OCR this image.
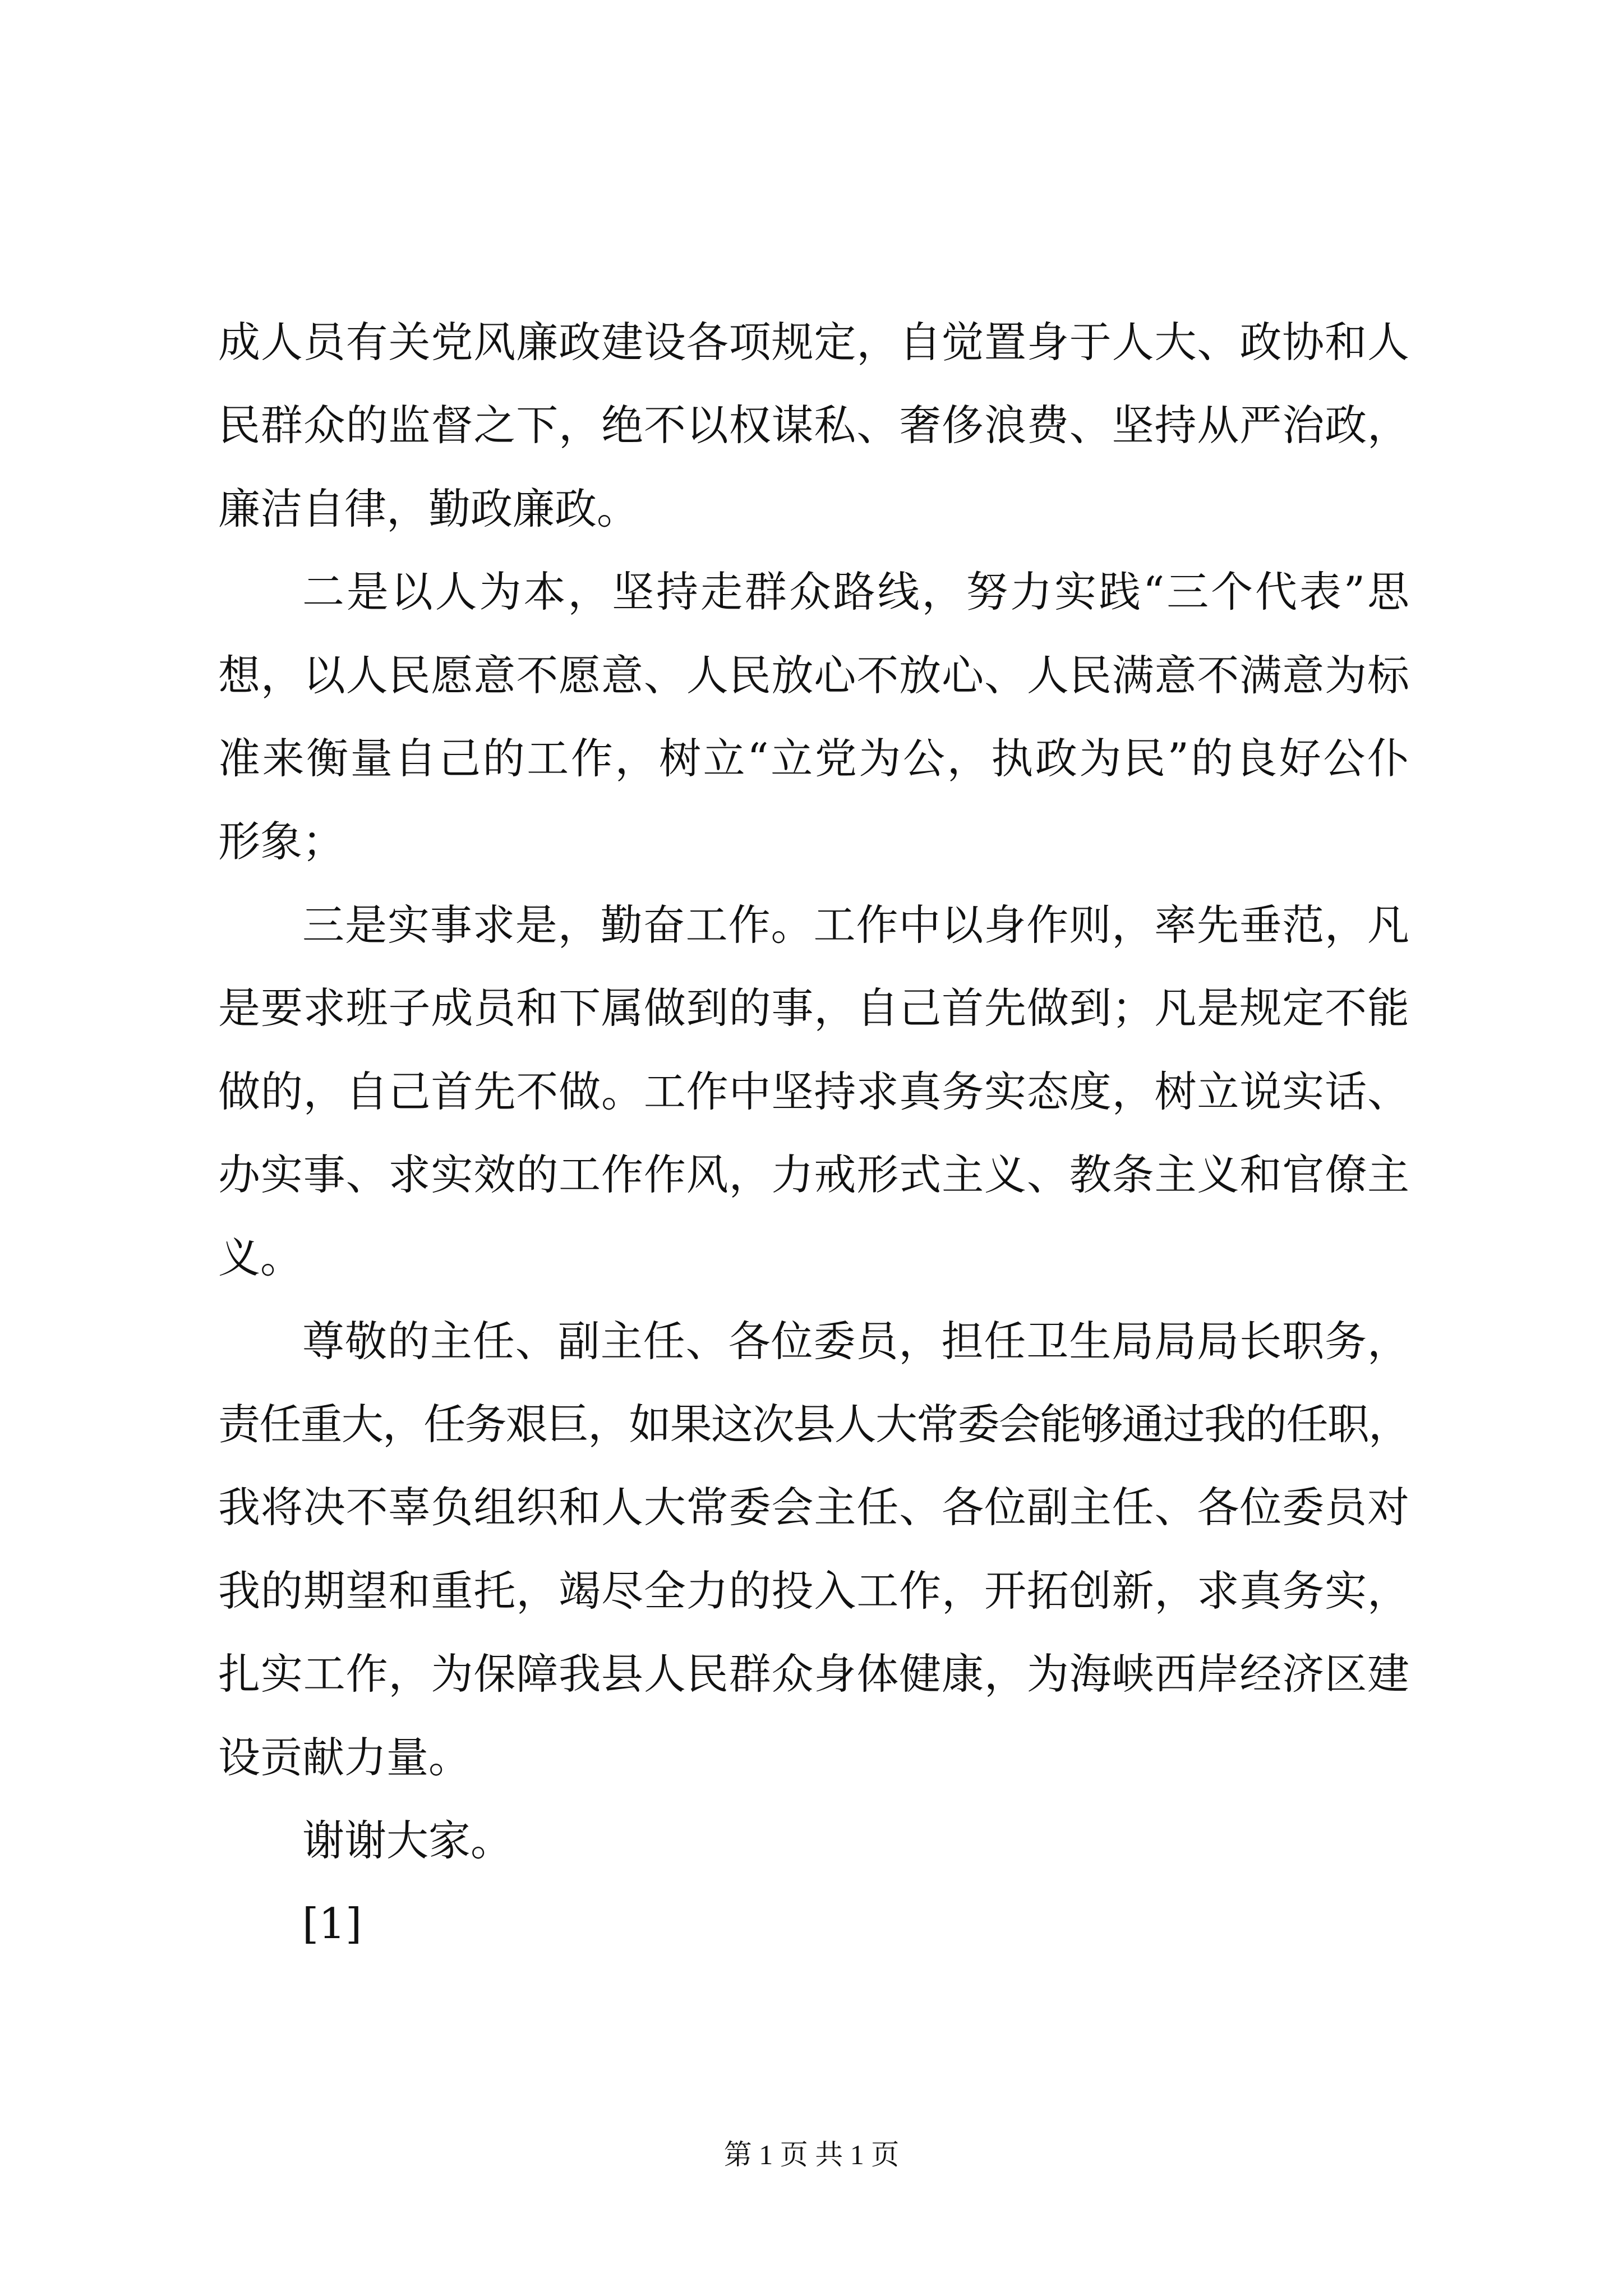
成人员有关党风廉政建设各项规定，自觉置身于人大、政协和人
民群众的监督之下，绝不以权谋私、奢侈浪费、坚持从严治政，
廉洁自律，勤政廉政。
二是以人为本，坚持走群众路线，努力实践“三个代表”思
想，以人民愿意不愿意、人民放心不放心、人民满意不满意为标
准来衡量自己的工作，树立“立党为公，执政为民”的良好公仆
形象；
三是实事求是，勤奋工作。工作中以身作则，率先垂范，凡
是要求班子成员和下属做到的事，自己首先做到；凡是规定不能
做的，自己首先不做。工作中坚持求真务实态度，树立说实话、
办实事、求实效的工作作风，力戒形式主义、教条主义和官僚主
义。
尊敬的主任、副主任、各位委员，担任卫生局局局长职务，
责任重大，任务艰巨，如果这次县人大常委会能够通过我的任职，
我将决不辜负组织和人大常委会主任、各位副主任、各位委员对
我的期望和重托，竭尽全力的投入工作，开拓创新，求真务实，
扎实工作，为保障我县人民群众身体健康，为海峡西岸经济区建
设贡献力量。
谢谢大家。
[1]
第 1 页 共 1 页
